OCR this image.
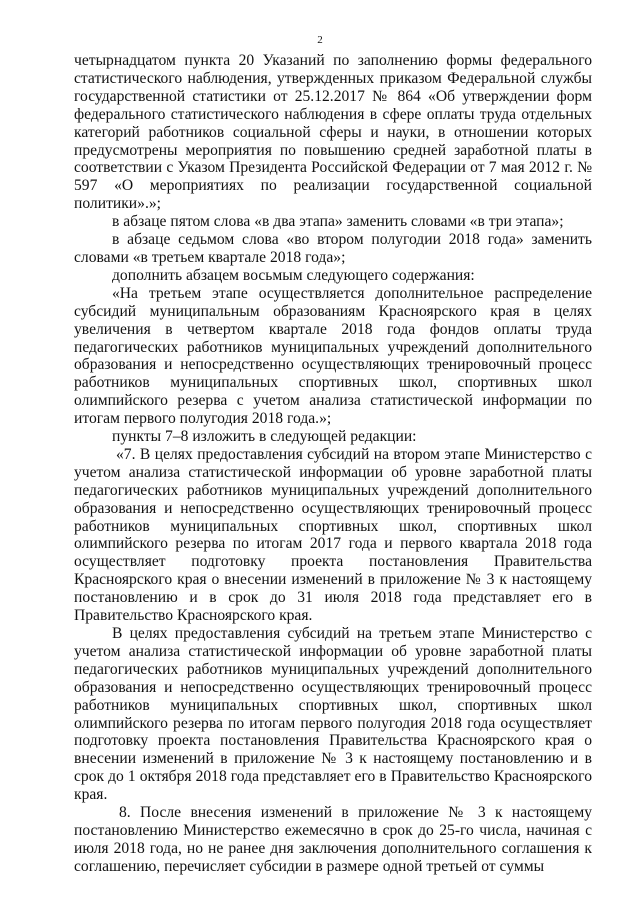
2

четырнадцатом пункта 20 Указаний по заполнению формы федерального статистического наблюдения, утвержденных приказом Федеральной службы государственной статистики от 25.12.2017 № 864 «Об утверждении форм федерального статистического наблюдения в сфере оплаты труда отдельных категорий работников социальной сферы и науки, в отношении которых предусмотрены мероприятия по повышению средней заработной платы в соответствии с Указом Президента Российской Федерации от 7 мая 2012 г. № 597 «О мероприятиях по реализации государственной социальной политики».»;

в абзаце пятом слова «в два этапа» заменить словами «в три этапа»;

в абзаце седьмом слова «во втором полугодии 2018 года» заменить словами «в третьем квартале 2018 года»;

дополнить абзацем восьмым следующего содержания:

«На третьем этапе осуществляется дополнительное распределение субсидий муниципальным образованиям Красноярского края в целях увеличения в четвертом квартале 2018 года фондов оплаты труда педагогических работников муниципальных учреждений дополнительного образования и непосредственно осуществляющих тренировочный процесс работников муниципальных спортивных школ, спортивных школ олимпийского резерва с учетом анализа статистической информации по итогам первого полугодия 2018 года.»;

пункты 7–8 изложить в следующей редакции:

«7. В целях предоставления субсидий на втором этапе Министерство с учетом анализа статистической информации об уровне заработной платы педагогических работников муниципальных учреждений дополнительного образования и непосредственно осуществляющих тренировочный процесс работников муниципальных спортивных школ, спортивных школ олимпийского резерва по итогам 2017 года и первого квартала 2018 года осуществляет подготовку проекта постановления Правительства Красноярского края о внесении изменений в приложение № 3 к настоящему постановлению и в срок до 31 июля 2018 года представляет его в Правительство Красноярского края.

В целях предоставления субсидий на третьем этапе Министерство с учетом анализа статистической информации об уровне заработной платы педагогических работников муниципальных учреждений дополнительного образования и непосредственно осуществляющих тренировочный процесс работников муниципальных спортивных школ, спортивных школ олимпийского резерва по итогам первого полугодия 2018 года осуществляет подготовку проекта постановления Правительства Красноярского края о внесении изменений в приложение № 3 к настоящему постановлению и в срок до 1 октября 2018 года представляет его в Правительство Красноярского края.

8. После внесения изменений в приложение № 3 к настоящему постановлению Министерство ежемесячно в срок до 25-го числа, начиная с июля 2018 года, но не ранее дня заключения дополнительного соглашения к соглашению, перечисляет субсидии в размере одной третьей от суммы
